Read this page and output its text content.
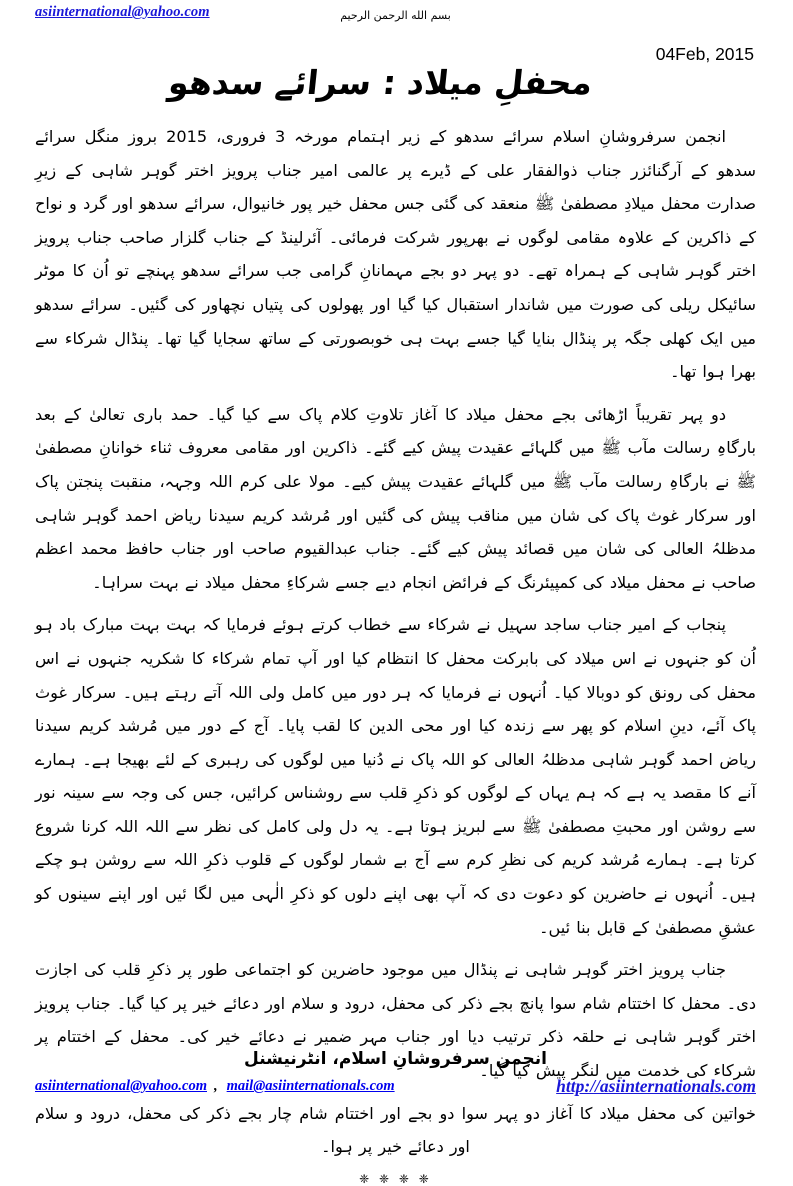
asiinternational@yahoo.com	بسم الله الرحمن الرحيم
محفلِ میلاد : سرائے سدھو
04Feb, 2015

انجمن سرفروشانِ اسلام سرائے سدھو کے زیر اہتمام مورخہ 3 فروری، 2015 بروز منگل سرائے سدھو کے آرگنائزر جناب ذوالفقار علی کے ڈیرے پر عالمی امیر جناب پرویز اختر گوہر شاہی کے زیرِ صدارت محفل میلادِ مصطفیٰ ﷺ منعقد کی گئی جس محفل خیر پور خانیوال، سرائے سدھو اور گرد و نواح کے ذاکرین کے علاوہ مقامی لوگوں نے بھرپور شرکت فرمائی۔ آئرلینڈ کے جناب گلزار صاحب جناب پرویز اختر گوہر شاہی کے ہمراہ تھے۔ دو پہر دو بجے مہمانانِ گرامی جب سرائے سدھو پہنچے تو اُن کا موٹر سائیکل ریلی کی صورت میں شاندار استقبال کیا گیا اور پھولوں کی پتیاں نچھاور کی گئیں۔ سرائے سدھو میں ایک کھلی جگہ پر پنڈال بنایا گیا جسے بہت ہی خوبصورتی کے ساتھ سجایا گیا تھا۔ پنڈال شرکاء سے بھرا ہوا تھا۔

دو پہر تقریباً اڑھائی بجے محفل میلاد کا آغاز تلاوتِ کلام پاک سے کیا گیا۔ حمد باری تعالیٰ کے بعد بارگاہِ رسالت مآب ﷺ میں گلہائے عقیدت پیش کیے گئے۔ ذاکرین اور مقامی معروف ثناء خوانانِ مصطفیٰ ﷺ نے بارگاہِ رسالت مآب ﷺ میں گلہائے عقیدت پیش کیے۔ مولا علی کرم اللہ وجہہ، منقبت پنجتن پاک اور سرکار غوث پاک کی شان میں مناقب پیش کی گئیں اور مُرشد کریم سیدنا ریاض احمد گوہر شاہی مدظلہُ العالی کی شان میں قصائد پیش کیے گئے۔ جناب عبدالقیوم صاحب اور جناب حافظ محمد اعظم صاحب نے محفل میلاد کی کمپیئرنگ کے فرائض انجام دیے جسے شرکاءِ محفل میلاد نے بہت سراہا۔

پنجاب کے امیر جناب ساجد سہیل نے شرکاء سے خطاب کرتے ہوئے فرمایا کہ بہت بہت مبارک باد ہو اُن کو جنہوں نے اس میلاد کی بابرکت محفل کا انتظام کیا اور آپ تمام شرکاء کا شکریہ جنہوں نے اس محفل کی رونق کو دوبالا کیا۔ اُنہوں نے فرمایا کہ ہر دور میں کامل ولی اللہ آتے رہتے ہیں۔ سرکار غوث پاک آئے، دینِ اسلام کو پھر سے زندہ کیا اور محی الدین کا لقب پایا۔ آج کے دور میں مُرشد کریم سیدنا ریاض احمد گوہر شاہی مدظلہُ العالی کو اللہ پاک نے دُنیا میں لوگوں کی رہبری کے لئے بھیجا ہے۔ ہمارے آنے کا مقصد یہ ہے کہ ہم یہاں کے لوگوں کو ذکرِ قلب سے روشناس کرائیں، جس کی وجہ سے سینہ نور سے روشن اور محبتِ مصطفیٰ ﷺ سے لبریز ہوتا ہے۔ یہ دل ولی کامل کی نظر سے اللہ اللہ کرنا شروع کرتا ہے۔ ہمارے مُرشد کریم کی نظرِ کرم سے آج بے شمار لوگوں کے قلوب ذکرِ اللہ سے روشن ہو چکے ہیں۔ اُنہوں نے حاضرین کو دعوت دی کہ آپ بھی اپنے دلوں کو ذکرِ الٰہی میں لگا ئیں اور اپنے سینوں کو عشقِ مصطفیٰ کے قابل بنا ئیں۔

جناب پرویز اختر گوہر شاہی نے پنڈال میں موجود حاضرین کو اجتماعی طور پر ذکرِ قلب کی اجازت دی۔ محفل کا اختتام شام سوا پانچ بجے ذکر کی محفل، درود و سلام اور دعائے خیر پر کیا گیا۔ جناب پرویز اختر گوہر شاہی نے حلقہ ذکر ترتیب دیا اور جناب مہر ضمیر نے دعائے خیر کی۔ محفل کے اختتام پر شرکاء کی خدمت میں لنگر پیش کیا گیا۔

خواتین کی محفل میلاد کا آغاز دو پہر سوا دو بجے اور اختتام شام چار بجے ذکر کی محفل، درود و سلام اور دعائے خیر پر ہوا۔

❈ ❈ ❈ ❈
انجمن سرفروشانِ اسلام، انٹرنیشنل
asiinternational@yahoo.com , mail@asiinternationals.com	http://asiinternationals.com
